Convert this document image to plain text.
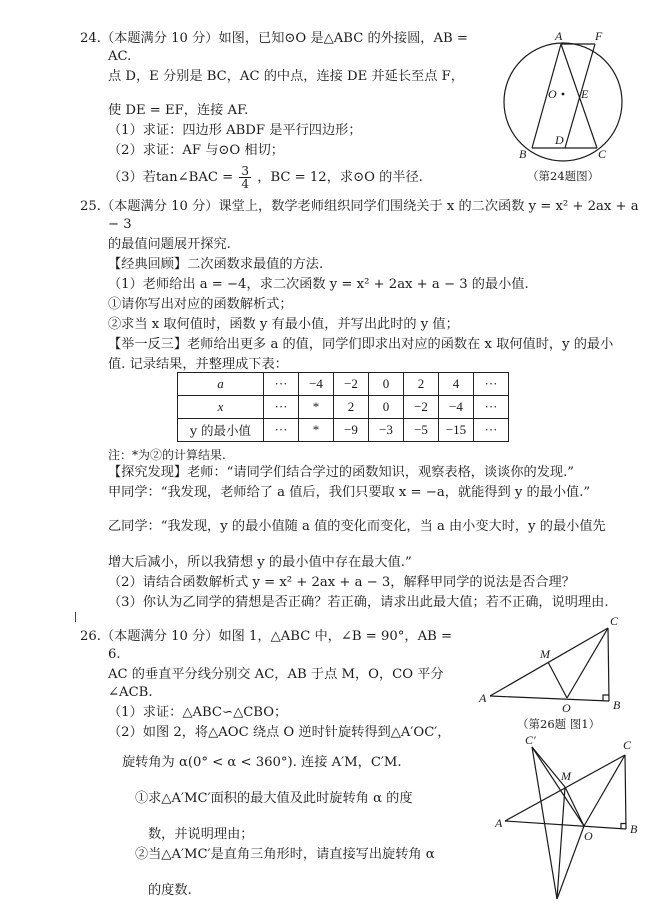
24.（本题满分 10 分）如图，已知⊙O 是△ABC 的外接圆，AB = AC.
点 D，E 分别是 BC，AC 的中点，连接 DE 并延长至点 F，
使 DE = EF，连接 AF.
（1）求证：四边形 ABDF 是平行四边形；
（2）求证：AF 与⊙O 相切；
（3）若tan∠BAC = $\frac{3}{4}$ ，BC = 12，求⊙O 的半径.
A	F
O E
B
D
C
（第24题图）
25.（本题满分 10 分）课堂上，数学老师组织同学们围绕关于 x 的二次函数 y = x² + 2ax + a − 3
的最值问题展开探究.
【经典回顾】二次函数求最值的方法.
（1）老师给出 a = −4，求二次函数 y = x² + 2ax + a − 3 的最小值.
①请你写出对应的函数解析式；
②求当 x 取何值时，函数 y 有最小值，并写出此时的 y 值；
【举一反三】老师给出更多 a 的值，同学们即求出对应的函数在 x 取何值时，y 的最小
值. 记录结果，并整理成下表：
a	···	−4	−2	0	2	4	···
x	···	*	2	0	−2	−4	···
y 的最小值	···	*	−9	−3	−5	−15	···
注：*为②的计算结果.
【探究发现】老师：“请同学们结合学过的函数知识，观察表格，谈谈你的发现.”
甲同学：“我发现，老师给了 a 值后，我们只要取 x = −a，就能得到 y 的最小值.”
乙同学：“我发现，y 的最小值随 a 值的变化而变化，当 a 由小变大时，y 的最小值先
增大后减小，所以我猜想 y 的最小值中存在最大值.”
（2）请结合函数解析式 y = x² + 2ax + a − 3，解释甲同学的说法是否合理？
（3）你认为乙同学的猜想是否正确？若正确，请求出此最大值；若不正确，说明理由.
26.（本题满分 10 分）如图 1，△ABC 中，∠B = 90°，AB = 6.
AC 的垂直平分线分别交 AC，AB 于点 M，O，CO 平分∠ACB.
（1）求证：△ABC∽△CBO；
（2）如图 2，将△AOC 绕点 O 逆时针旋转得到△A′OC′，
旋转角为 α(0° < α < 360°). 连接 A′M，C′M.
①求△A′MC′面积的最大值及此时旋转角 α 的度
数，并说明理由；
②当△A′MC′是直角三角形时，请直接写出旋转角 α
的度数.
C
M
A
O	B
（第26题 图1）
C′	C
M
A
O	B
